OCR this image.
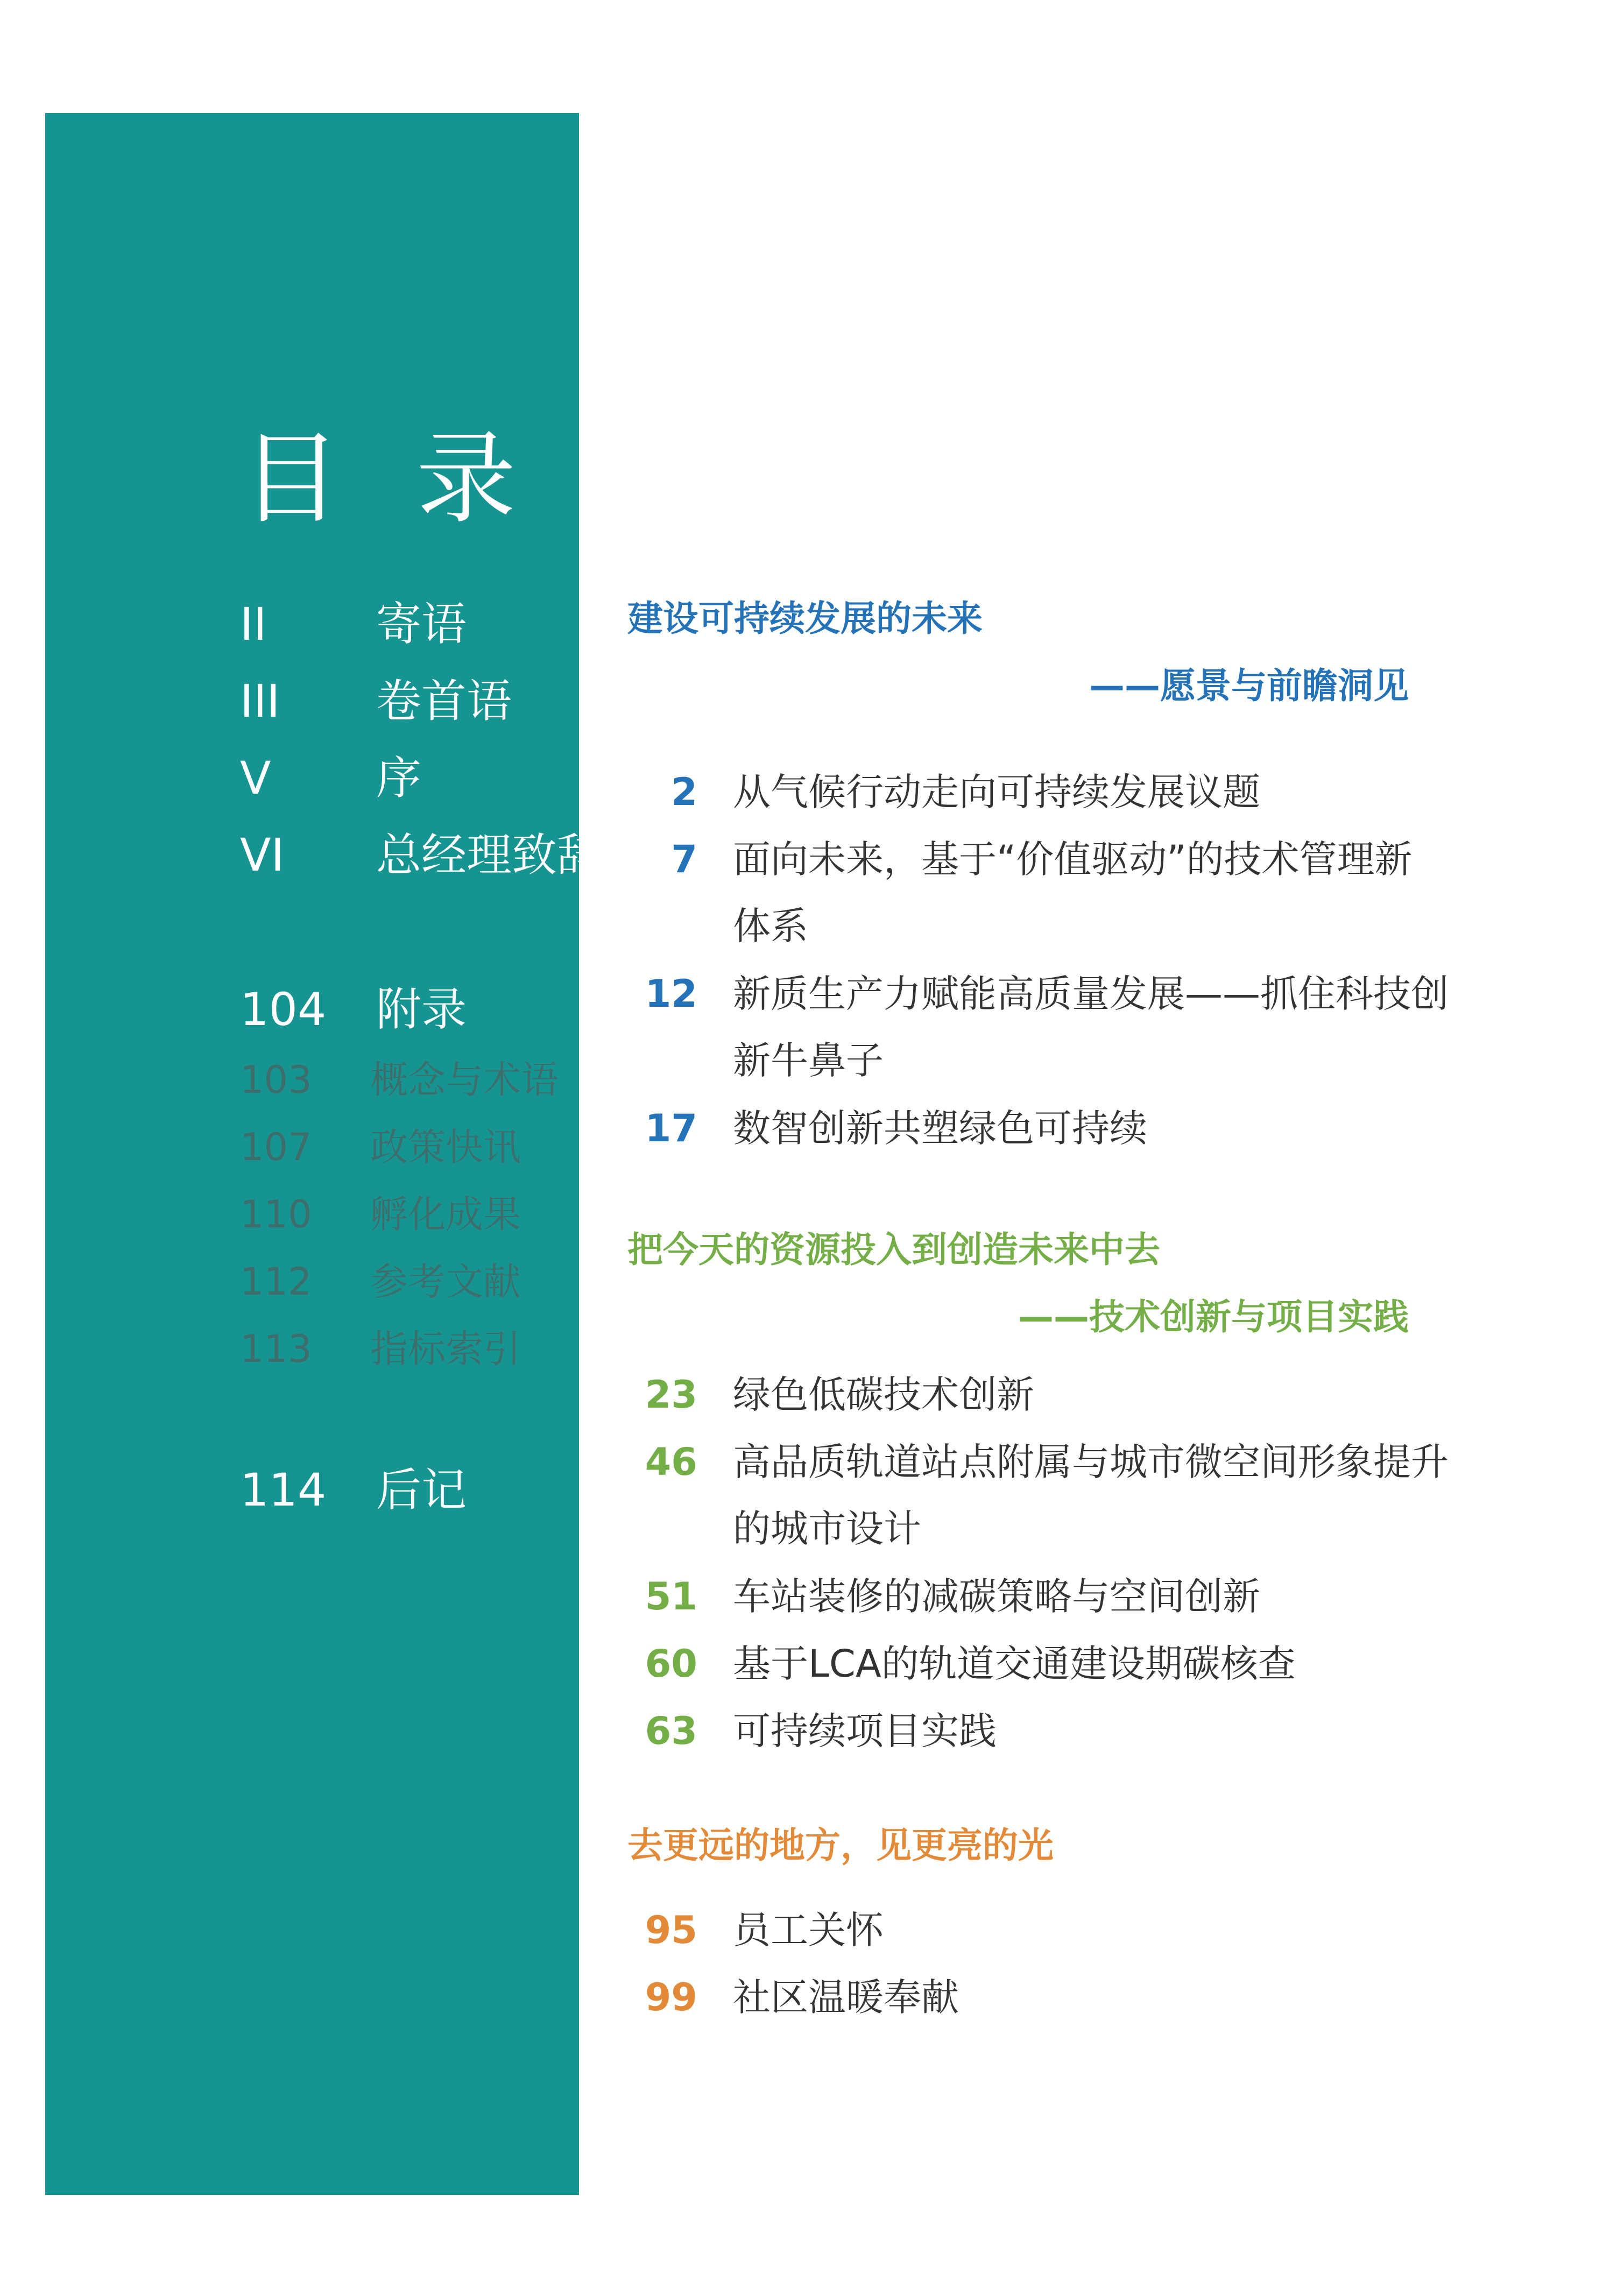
目 录
II 寄语
III 卷首语
V 序
VI 总经理致辞
104 附录
103 概念与术语
107 政策快讯
110 孵化成果
112 参考文献
113 指标索引
114 后记
建设可持续发展的未来
——愿景与前瞻洞见
2 从气候行动走向可持续发展议题
7 面向未来，基于“价值驱动”的技术管理新体系
12 新质生产力赋能高质量发展——抓住科技创新牛鼻子
17 数智创新共塑绿色可持续
把今天的资源投入到创造未来中去
——技术创新与项目实践
23 绿色低碳技术创新
46 高品质轨道站点附属与城市微空间形象提升的城市设计
51 车站装修的减碳策略与空间创新
60 基于LCA的轨道交通建设期碳核查
63 可持续项目实践
去更远的地方，见更亮的光
95 员工关怀
99 社区温暖奉献
